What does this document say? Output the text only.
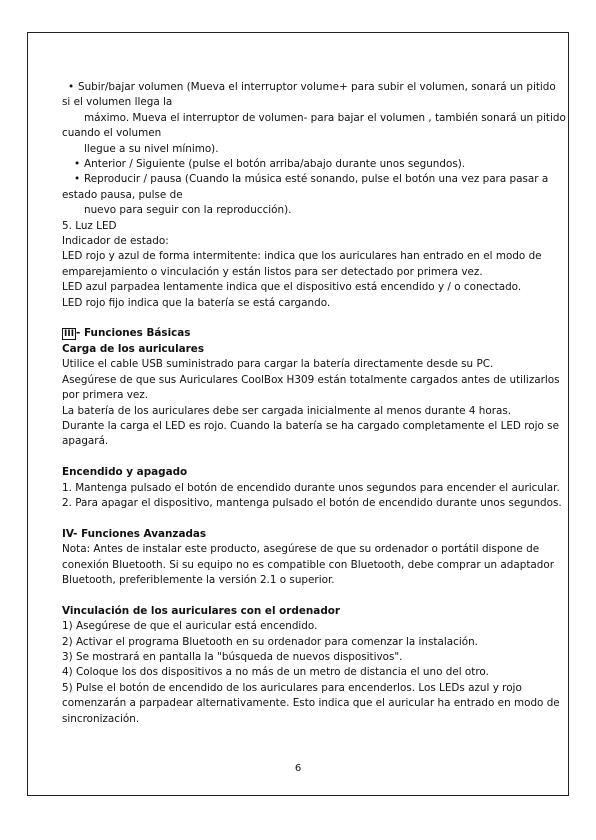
• Subir/bajar volumen (Mueva el interruptor volume+ para subir el volumen, sonará un pitido
si el volumen llega la
máximo. Mueva el interruptor de volumen- para bajar el volumen , también sonará un pitido
cuando el volumen
llegue a su nivel mínimo).
• Anterior / Siguiente (pulse el botón arriba/abajo durante unos segundos).
• Reproducir / pausa (Cuando la música esté sonando, pulse el botón una vez para pasar a
estado pausa, pulse de
nuevo para seguir con la reproducción).
5. Luz LED
Indicador de estado:
LED rojo y azul de forma intermitente: indica que los auriculares han entrado en el modo de
emparejamiento o vinculación y están listos para ser detectado por primera vez.
LED azul parpadea lentamente indica que el dispositivo está encendido y / o conectado.
LED rojo fijo indica que la batería se está cargando.
III - Funciones Básicas
Carga de los auriculares
Utilice el cable USB suministrado para cargar la batería directamente desde su PC.
Asegúrese de que sus Auriculares CoolBox H309 están totalmente cargados antes de utilizarlos
por primera vez.
La batería de los auriculares debe ser cargada inicialmente al menos durante 4 horas.
Durante la carga el LED es rojo. Cuando la batería se ha cargado completamente el LED rojo se
apagará.
Encendido y apagado
1. Mantenga pulsado el botón de encendido durante unos segundos para encender el auricular.
2. Para apagar el dispositivo, mantenga pulsado el botón de encendido durante unos segundos.
IV- Funciones Avanzadas
Nota: Antes de instalar este producto, asegúrese de que su ordenador o portátil dispone de
conexión Bluetooth. Si su equipo no es compatible con Bluetooth, debe comprar un adaptador
Bluetooth, preferiblemente la versión 2.1 o superior.
Vinculación de los auriculares con el ordenador
1) Asegúrese de que el auricular está encendido.
2) Activar el programa Bluetooth en su ordenador para comenzar la instalación.
3) Se mostrará en pantalla la "búsqueda de nuevos dispositivos".
4) Coloque los dos dispositivos a no más de un metro de distancia el uno del otro.
5) Pulse el botón de encendido de los auriculares para encenderlos. Los LEDs azul y rojo
comenzarán a parpadear alternativamente. Esto indica que el auricular ha entrado en modo de
sincronización.
6
